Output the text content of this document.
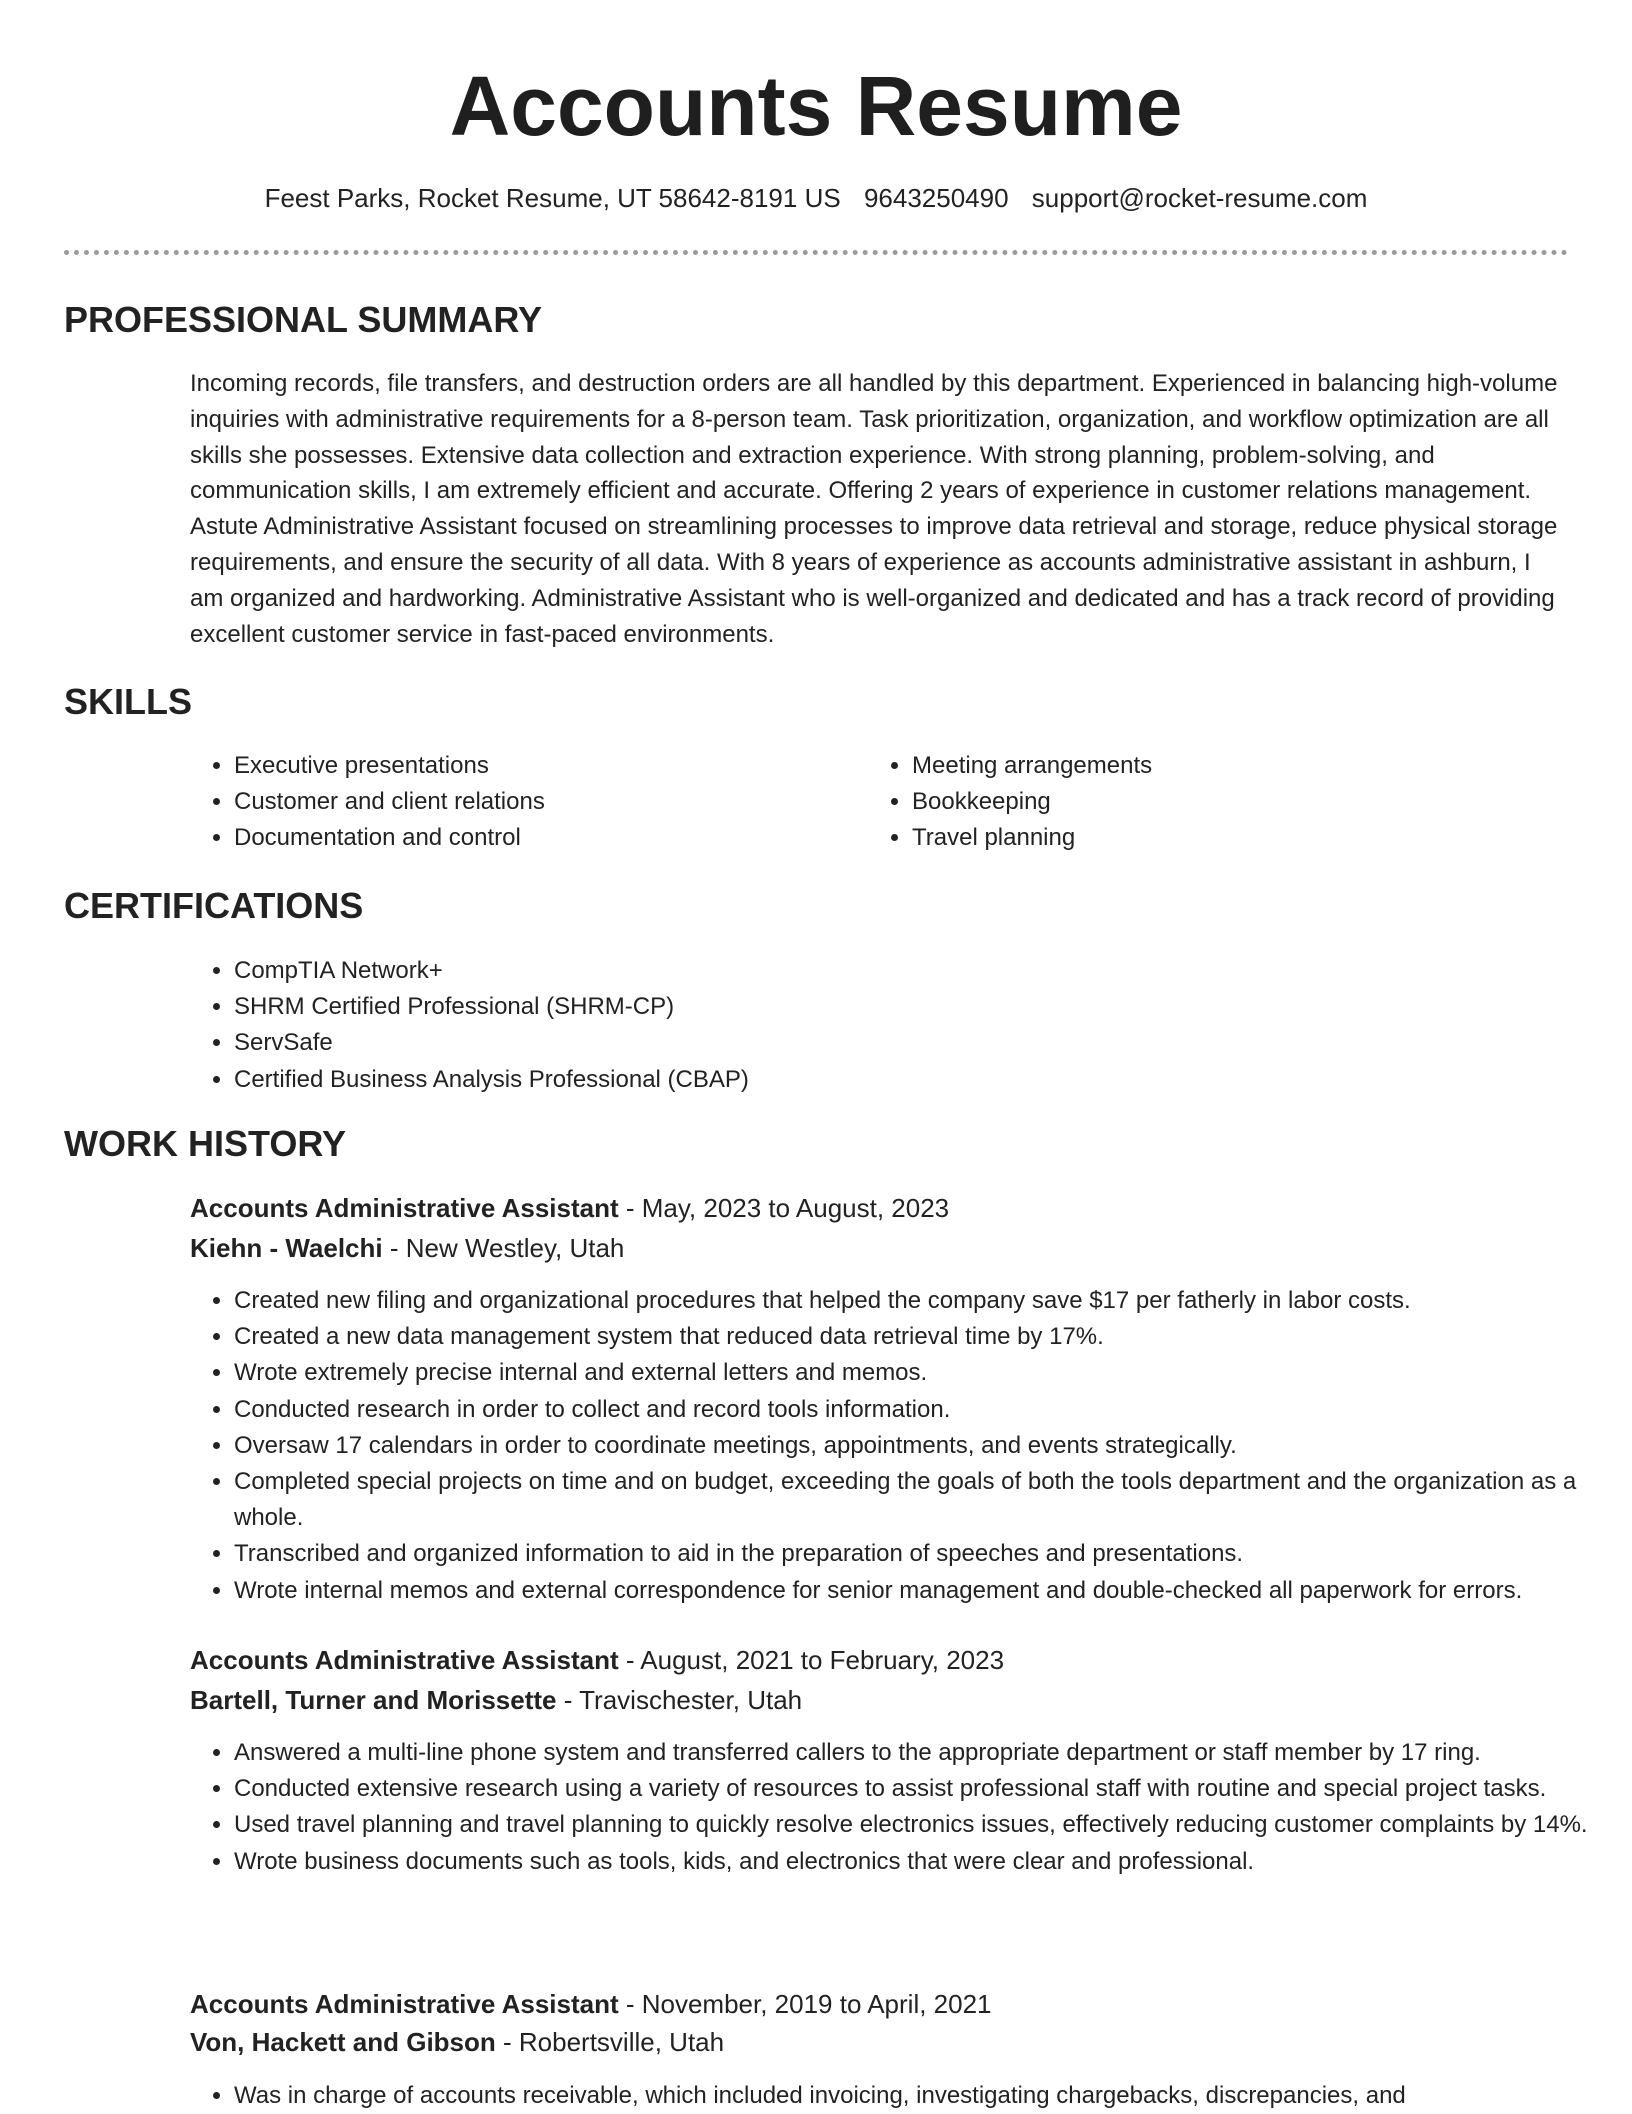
Accounts Resume
Feest Parks, Rocket Resume, UT 58642-8191 US 9643250490 support@rocket-resume.com
PROFESSIONAL SUMMARY

Incoming records, file transfers, and destruction orders are all handled by this department. Experienced in balancing high-volume inquiries with administrative requirements for a 8-person team. Task prioritization, organization, and workflow optimization are all skills she possesses. Extensive data collection and extraction experience. With strong planning, problem-solving, and communication skills, I am extremely efficient and accurate. Offering 2 years of experience in customer relations management. Astute Administrative Assistant focused on streamlining processes to improve data retrieval and storage, reduce physical storage requirements, and ensure the security of all data. With 8 years of experience as accounts administrative assistant in ashburn, I am organized and hardworking. Administrative Assistant who is well-organized and dedicated and has a track record of providing excellent customer service in fast-paced environments.

SKILLS
• Executive presentations
• Customer and client relations
• Documentation and control
• Meeting arrangements
• Bookkeeping
• Travel planning
CERTIFICATIONS
• CompTIA Network+
• SHRM Certified Professional (SHRM-CP)
• ServSafe
• Certified Business Analysis Professional (CBAP)
WORK HISTORY
Accounts Administrative Assistant - May, 2023 to August, 2023
Kiehn - Waelchi - New Westley, Utah
• Created new filing and organizational procedures that helped the company save $17 per fatherly in labor costs.
• Created a new data management system that reduced data retrieval time by 17%.
• Wrote extremely precise internal and external letters and memos.
• Conducted research in order to collect and record tools information.
• Oversaw 17 calendars in order to coordinate meetings, appointments, and events strategically.
• Completed special projects on time and on budget, exceeding the goals of both the tools department and the organization as a whole.
• Transcribed and organized information to aid in the preparation of speeches and presentations.
• Wrote internal memos and external correspondence for senior management and double-checked all paperwork for errors.
Accounts Administrative Assistant - August, 2021 to February, 2023
Bartell, Turner and Morissette - Travischester, Utah
• Answered a multi-line phone system and transferred callers to the appropriate department or staff member by 17 ring.
• Conducted extensive research using a variety of resources to assist professional staff with routine and special project tasks.
• Used travel planning and travel planning to quickly resolve electronics issues, effectively reducing customer complaints by 14%.
• Wrote business documents such as tools, kids, and electronics that were clear and professional.
Accounts Administrative Assistant - November, 2019 to April, 2021
Von, Hackett and Gibson - Robertsville, Utah
• Was in charge of accounts receivable, which included invoicing, investigating chargebacks, discrepancies, and
